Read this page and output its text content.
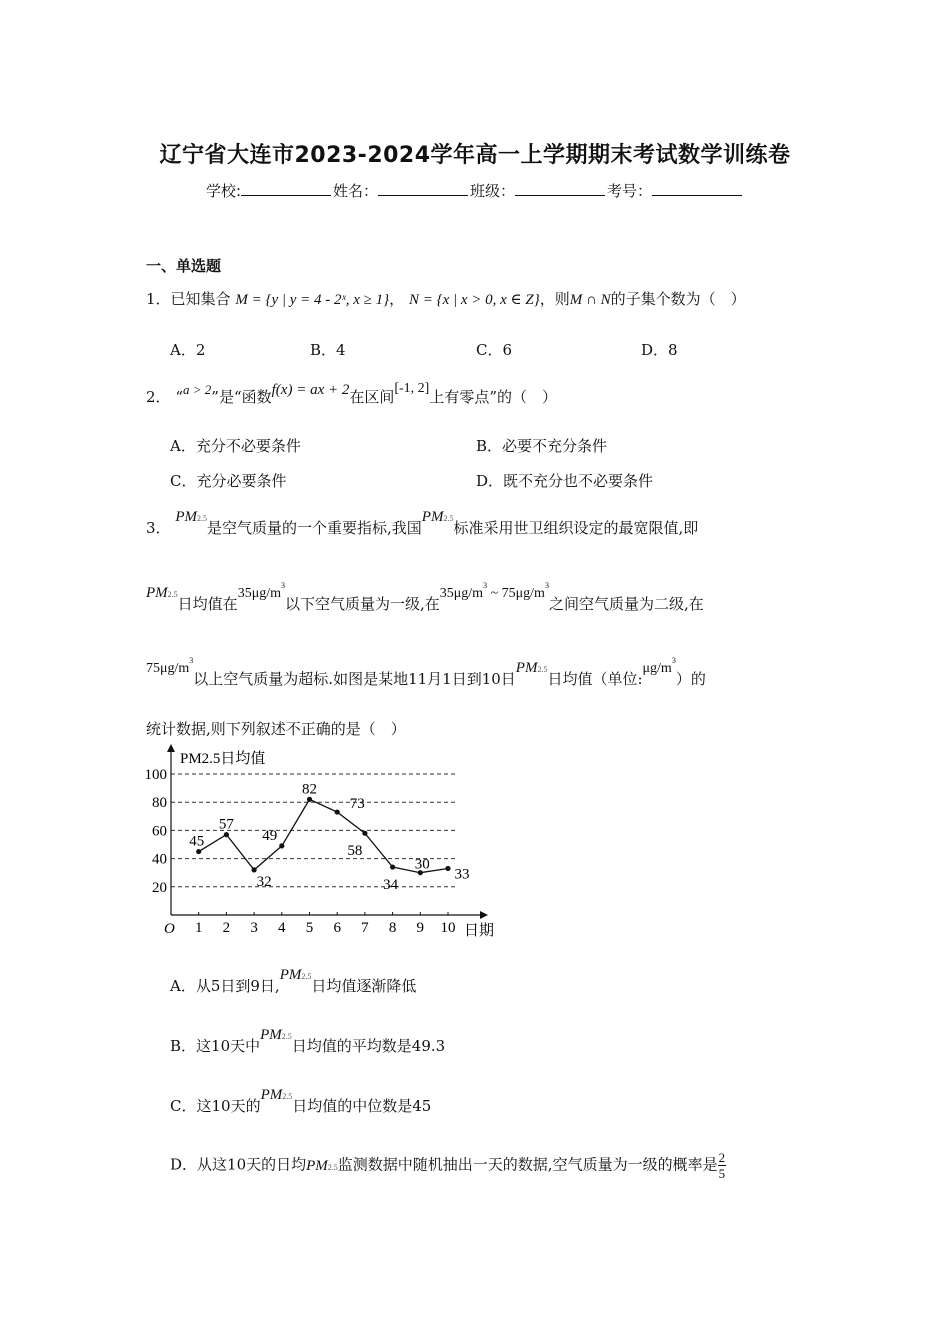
辽宁省大连市2023-2024学年高一上学期期末考试数学训练卷
学校:	姓名：	班级：	考号：
一、单选题
1．已知集合 M = {y | y = 4 - 2ˣ, x ≥ 1}， N = {x | x > 0, x ∈ Z}，则M ∩ N的子集个数为（　）
A．2	B．4	C．6	D．8
2． “a > 2”是“函数f(x) = ax + 2在区间[-1, 2]上有零点”的（　）
A．充分不必要条件	B．必要不充分条件
C．充分必要条件	D．既不充分也不必要条件
3． PM2.5是空气质量的一个重要指标,我国PM2.5标准采用世卫组织设定的最宽限值,即
PM2.5日均值在$35\mu g/m^3$以下空气质量为一级,在$35\mu g/m^3$ ~ $75\mu g/m^3$之间空气质量为二级,在
$75\mu g/m^3$以上空气质量为超标.如图是某地11月1日到10日PM2.5日均值（单位$:\mu g/m^3$）的
统计数据,则下列叙述不正确的是（　）
PM2.5日均值
O	日期
20
40
60
80
100
1 2 3 4 5 6 7 8 9 10
45
57
32
49
82
73
58
34
30
33
A．从5日到9日,PM2.5日均值逐渐降低
B．这10天中PM2.5日均值的平均数是49.3
C．这10天的PM2.5日均值的中位数是45
D．从这10天的日均PM2.5监测数据中随机抽出一天的数据,空气质量为一级的概率是 $\frac{2}{5}$
